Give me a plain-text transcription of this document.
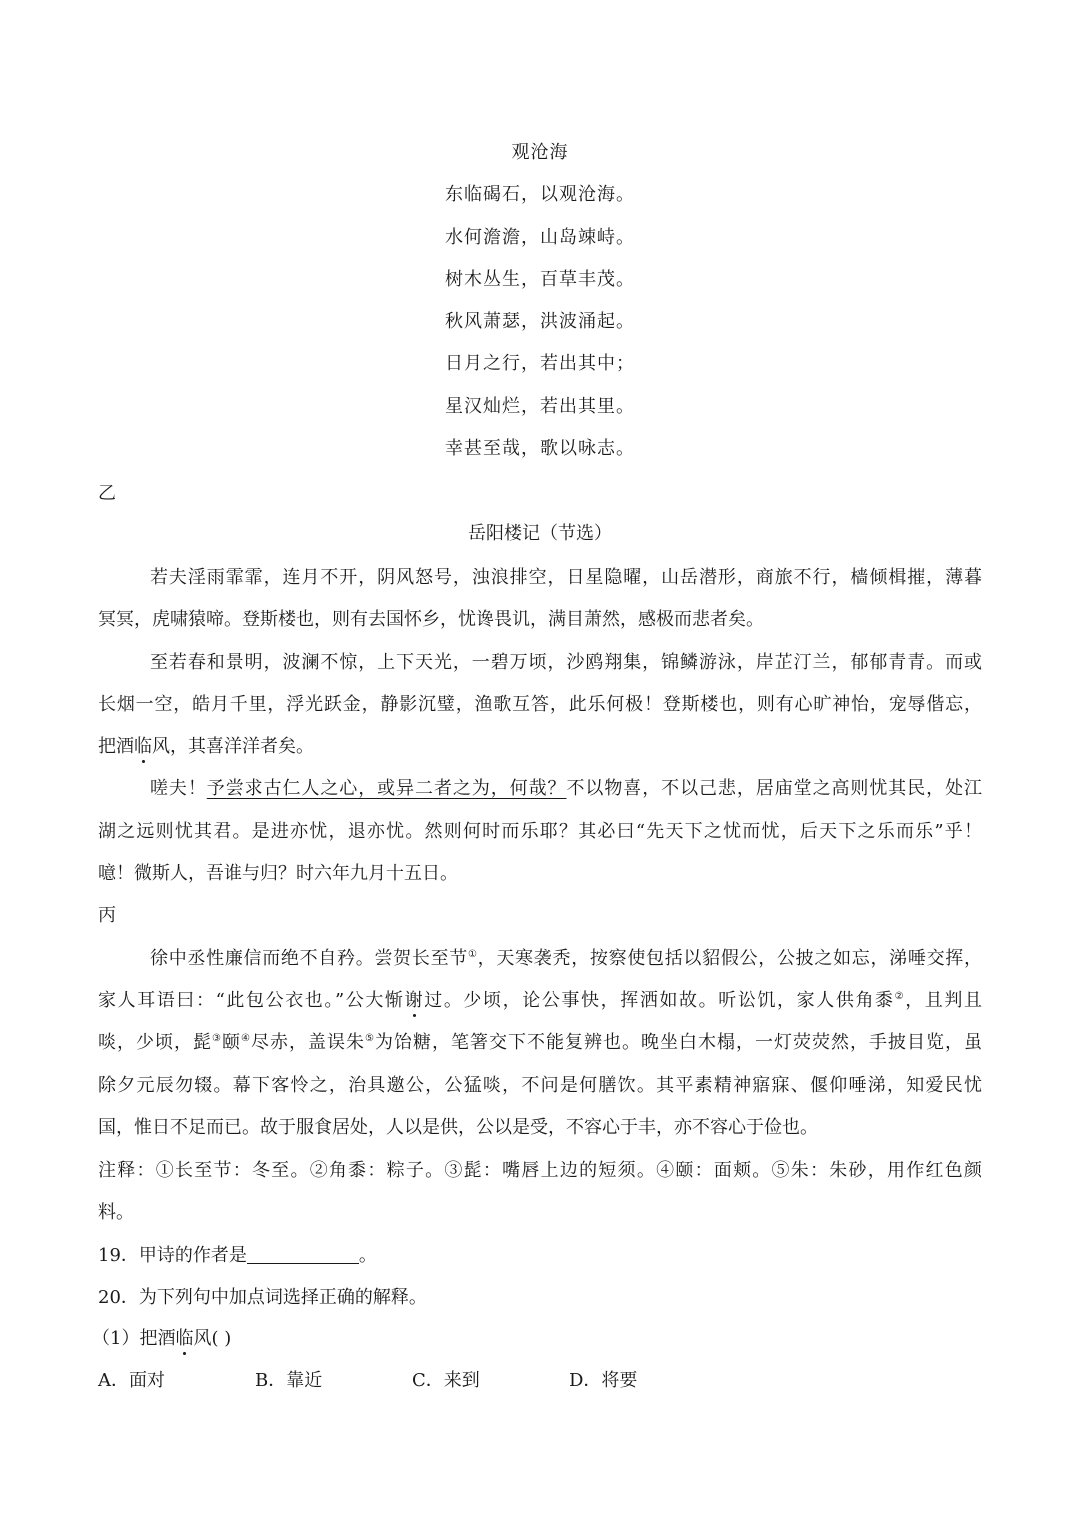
观沧海
东临碣石，以观沧海。
水何澹澹，山岛竦峙。
树木丛生，百草丰茂。
秋风萧瑟，洪波涌起。
日月之行，若出其中；
星汉灿烂，若出其里。
幸甚至哉，歌以咏志。
乙
岳阳楼记（节选）
若夫淫雨霏霏，连月不开，阴风怒号，浊浪排空，日星隐曜，山岳潜形，商旅不行，樯倾楫摧，薄暮
冥冥，虎啸猿啼。登斯楼也，则有去国怀乡，忧谗畏讥，满目萧然，感极而悲者矣。
至若春和景明，波澜不惊，上下天光，一碧万顷，沙鸥翔集，锦鳞游泳，岸芷汀兰，郁郁青青。而或
长烟一空，皓月千里，浮光跃金，静影沉璧，渔歌互答，此乐何极！登斯楼也，则有心旷神怡，宠辱偕忘，
把酒临风，其喜洋洋者矣。
嗟夫！予尝求古仁人之心，或异二者之为，何哉？不以物喜，不以己悲，居庙堂之高则忧其民，处江
湖之远则忧其君。是进亦忧，退亦忧。然则何时而乐耶？其必曰“先天下之忧而忧，后天下之乐而乐”乎！
噫！微斯人，吾谁与归？时六年九月十五日。
丙
徐中丞性廉信而绝不自矜。尝贺长至节①，天寒袭秃，按察使包括以貂假公，公披之如忘，涕唾交挥，
家人耳语曰：“此包公衣也。”公大惭谢过。少顷，论公事快，挥洒如故。听讼饥，家人供角黍②，且判且
啖，少顷，髭③颐④尽赤，盖误朱⑤为饴糖，笔箸交下不能复辨也。晚坐白木榻，一灯荧荧然，手披目览，虽
除夕元辰勿辍。幕下客怜之，治具邀公，公猛啖，不问是何膳饮。其平素精神寤寐、偃仰唾涕，知爱民忧
国，惟日不足而已。故于服食居处，人以是供，公以是受，不容心于丰，亦不容心于俭也。
注释：①长至节：冬至。②角黍：粽子。③髭：嘴唇上边的短须。④颐：面颊。⑤朱：朱砂，用作红色颜
料。
19．甲诗的作者是	。
20．为下列句中加点词选择正确的解释。
（1）把酒临风( )
A．面对	B．靠近	C．来到	D．将要
